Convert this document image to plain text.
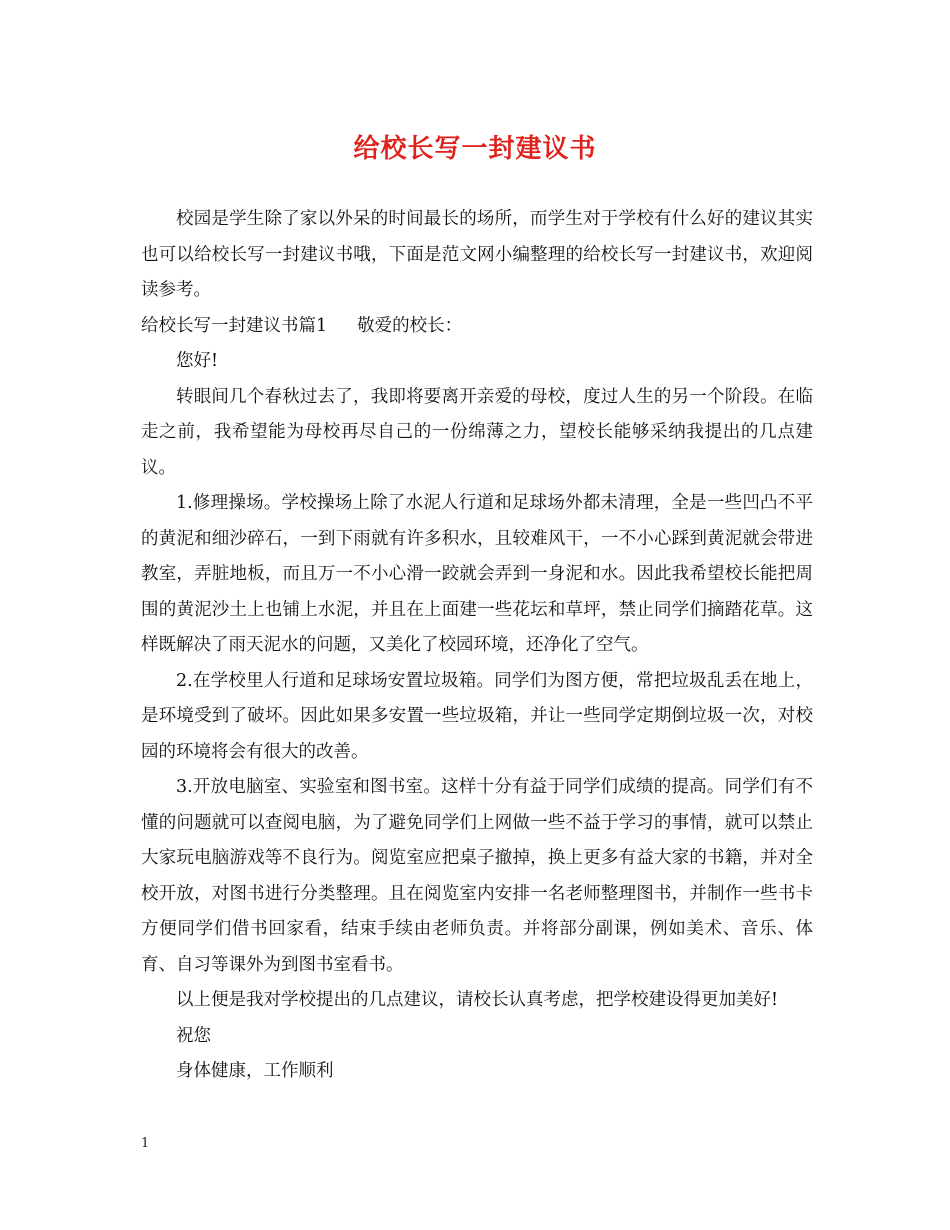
给校长写一封建议书

校园是学生除了家以外呆的时间最长的场所，而学生对于学校有什么好的建议其实也可以给校长写一封建议书哦，下面是范文网小编整理的给校长写一封建议书，欢迎阅读参考。

给校长写一封建议书篇1 敬爱的校长：

您好!

转眼间几个春秋过去了，我即将要离开亲爱的母校，度过人生的另一个阶段。在临走之前，我希望能为母校再尽自己的一份绵薄之力，望校长能够采纳我提出的几点建议。

1.修理操场。学校操场上除了水泥人行道和足球场外都未清理，全是一些凹凸不平的黄泥和细沙碎石，一到下雨就有许多积水，且较难风干，一不小心踩到黄泥就会带进教室，弄脏地板，而且万一不小心滑一跤就会弄到一身泥和水。因此我希望校长能把周围的黄泥沙土上也铺上水泥，并且在上面建一些花坛和草坪，禁止同学们摘踏花草。这样既解决了雨天泥水的问题，又美化了校园环境，还净化了空气。

2.在学校里人行道和足球场安置垃圾箱。同学们为图方便，常把垃圾乱丢在地上，是环境受到了破坏。因此如果多安置一些垃圾箱，并让一些同学定期倒垃圾一次，对校园的环境将会有很大的改善。

3.开放电脑室、实验室和图书室。这样十分有益于同学们成绩的提高。同学们有不懂的问题就可以查阅电脑，为了避免同学们上网做一些不益于学习的事情，就可以禁止大家玩电脑游戏等不良行为。阅览室应把桌子撤掉，换上更多有益大家的书籍，并对全校开放，对图书进行分类整理。且在阅览室内安排一名老师整理图书，并制作一些书卡方便同学们借书回家看，结束手续由老师负责。并将部分副课，例如美术、音乐、体育、自习等课外为到图书室看书。

以上便是我对学校提出的几点建议，请校长认真考虑，把学校建设得更加美好!

祝您

身体健康，工作顺利

1
